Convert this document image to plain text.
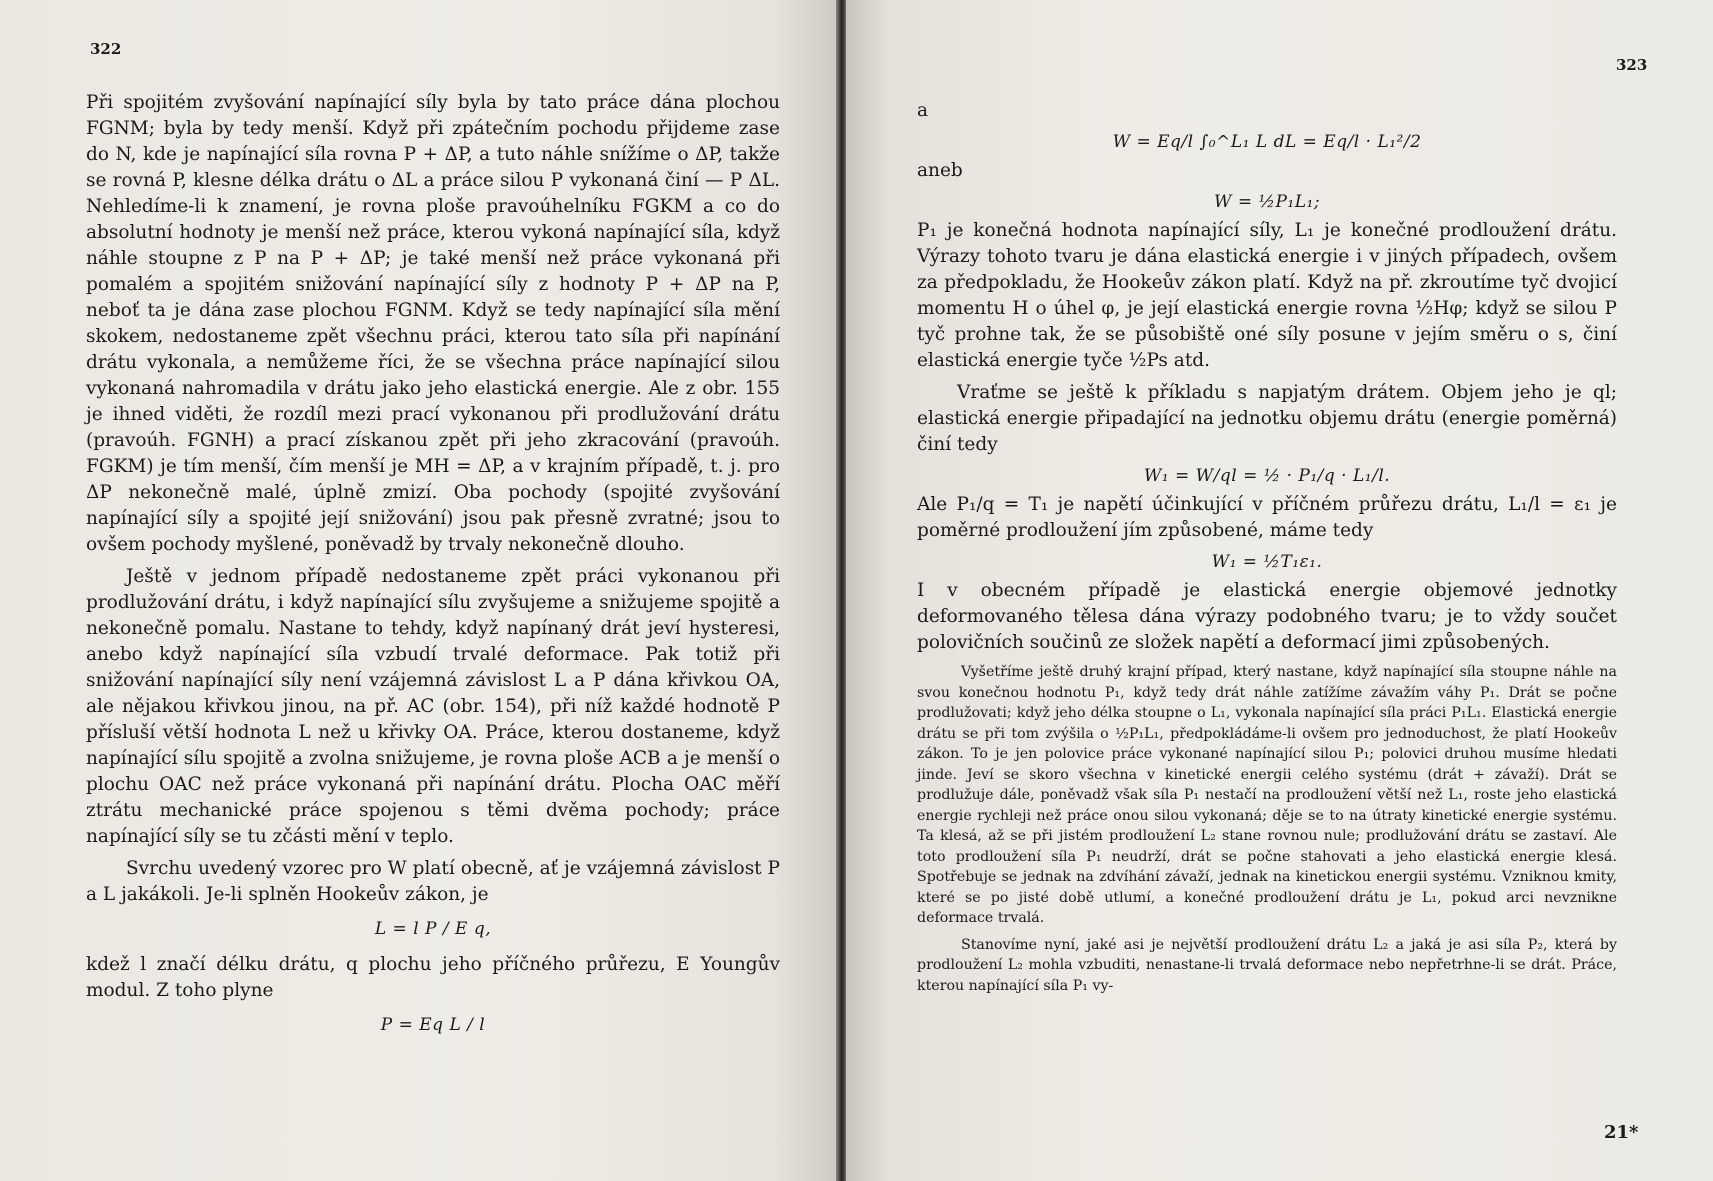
322

Při spojitém zvyšování napínající síly byla by tato práce dána plochou FGNM; byla by tedy menší. Když při zpátečním pochodu přijdeme zase do N, kde je napínající síla rovna P + ΔP, a tuto náhle snížíme o ΔP, takže se rovná P, klesne délka drátu o ΔL a práce silou P vykonaná činí — P ΔL. Nehledíme-li k znamení, je rovna ploše pravoúhelníku FGKM a co do absolutní hodnoty je menší než práce, kterou vykoná napínající síla, když náhle stoupne z P na P + ΔP; je také menší než práce vykonaná při pomalém a spojitém snižování napínající síly z hodnoty P + ΔP na P, neboť ta je dána zase plochou FGNM. Když se tedy napínající síla mění skokem, nedostaneme zpět všechnu práci, kterou tato síla při napínání drátu vykonala, a nemůžeme říci, že se všechna práce napínající silou vykonaná nahromadila v drátu jako jeho elastická energie. Ale z obr. 155 je ihned viděti, že rozdíl mezi prací vykonanou při prodlužování drátu (pravoúh. FGNH) a prací získanou zpět při jeho zkracování (pravoúh. FGKM) je tím menší, čím menší je MH = ΔP, a v krajním případě, t. j. pro ΔP nekonečně malé, úplně zmizí. Oba pochody (spojité zvyšování napínající síly a spojité její snižování) jsou pak přesně zvratné; jsou to ovšem pochody myšlené, poněvadž by trvaly nekonečně dlouho.

Ještě v jednom případě nedostaneme zpět práci vykonanou při prodlužování drátu, i když napínající sílu zvyšujeme a snižujeme spojitě a nekonečně pomalu. Nastane to tehdy, když napínaný drát jeví hysteresi, anebo když napínající síla vzbudí trvalé deformace. Pak totiž při snižování napínající síly není vzájemná závislost L a P dána křivkou OA, ale nějakou křivkou jinou, na př. AC (obr. 154), při níž každé hodnotě P přísluší větší hodnota L než u křivky OA. Práce, kterou dostaneme, když napínající sílu spojitě a zvolna snižujeme, je rovna ploše ACB a je menší o plochu OAC než práce vykonaná při napínání drátu. Plocha OAC měří ztrátu mechanické práce spojenou s těmi dvěma pochody; práce napínající síly se tu zčásti mění v teplo.

Svrchu uvedený vzorec pro W platí obecně, ať je vzájemná závislost P a L jakákoli. Je-li splněn Hookeův zákon, je

L = l P / E q,

kdež l značí délku drátu, q plochu jeho příčného průřezu, E Youngův modul. Z toho plyne

P = Eq L / l
323

a

W = Eq/l ∫₀^L₁ L dL = Eq/l · L₁²/2

aneb

W = ½P₁L₁;

P₁ je konečná hodnota napínající síly, L₁ je konečné prodloužení drátu. Výrazy tohoto tvaru je dána elastická energie i v jiných případech, ovšem za předpokladu, že Hookeův zákon platí. Když na př. zkroutíme tyč dvojicí momentu H o úhel φ, je její elastická energie rovna ½Hφ; když se silou P tyč prohne tak, že se působiště oné síly posune v jejím směru o s, činí elastická energie tyče ½Ps atd.

Vraťme se ještě k příkladu s napjatým drátem. Objem jeho je ql; elastická energie připadající na jednotku objemu drátu (energie poměrná) činí tedy

W₁ = W/ql = ½ · P₁/q · L₁/l.

Ale P₁/q = T₁ je napětí účinkující v příčném průřezu drátu, L₁/l = ε₁ je poměrné prodloužení jím způsobené, máme tedy

W₁ = ½T₁ε₁.

I v obecném případě je elastická energie objemové jednotky deformovaného tělesa dána výrazy podobného tvaru; je to vždy součet polovičních součinů ze složek napětí a deformací jimi způsobených.

Vyšetříme ještě druhý krajní případ, který nastane, když napínající síla stoupne náhle na svou konečnou hodnotu P₁, když tedy drát náhle zatížíme závažím váhy P₁. Drát se počne prodlužovati; když jeho délka stoupne o L₁, vykonala napínající síla práci P₁L₁. Elastická energie drátu se při tom zvýšila o ½P₁L₁, předpokládáme-li ovšem pro jednoduchost, že platí Hookeův zákon. To je jen polovice práce vykonané napínající silou P₁; polovici druhou musíme hledati jinde. Jeví se skoro všechna v kinetické energii celého systému (drát + závaží). Drát se prodlužuje dále, poněvadž však síla P₁ nestačí na prodloužení větší než L₁, roste jeho elastická energie rychleji než práce onou silou vykonaná; děje se to na útraty kinetické energie systému. Ta klesá, až se při jistém prodloužení L₂ stane rovnou nule; prodlužování drátu se zastaví. Ale toto prodloužení síla P₁ neudrží, drát se počne stahovati a jeho elastická energie klesá. Spotřebuje se jednak na zdvíhání závaží, jednak na kinetickou energii systému. Vzniknou kmity, které se po jisté době utlumí, a konečné prodloužení drátu je L₁, pokud arci nevznikne deformace trvalá.

Stanovíme nyní, jaké asi je největší prodloužení drátu L₂ a jaká je asi síla P₂, která by prodloužení L₂ mohla vzbuditi, nenastane-li trvalá deformace nebo nepřetrhne-li se drát. Práce, kterou napínající síla P₁ vy-

21*
